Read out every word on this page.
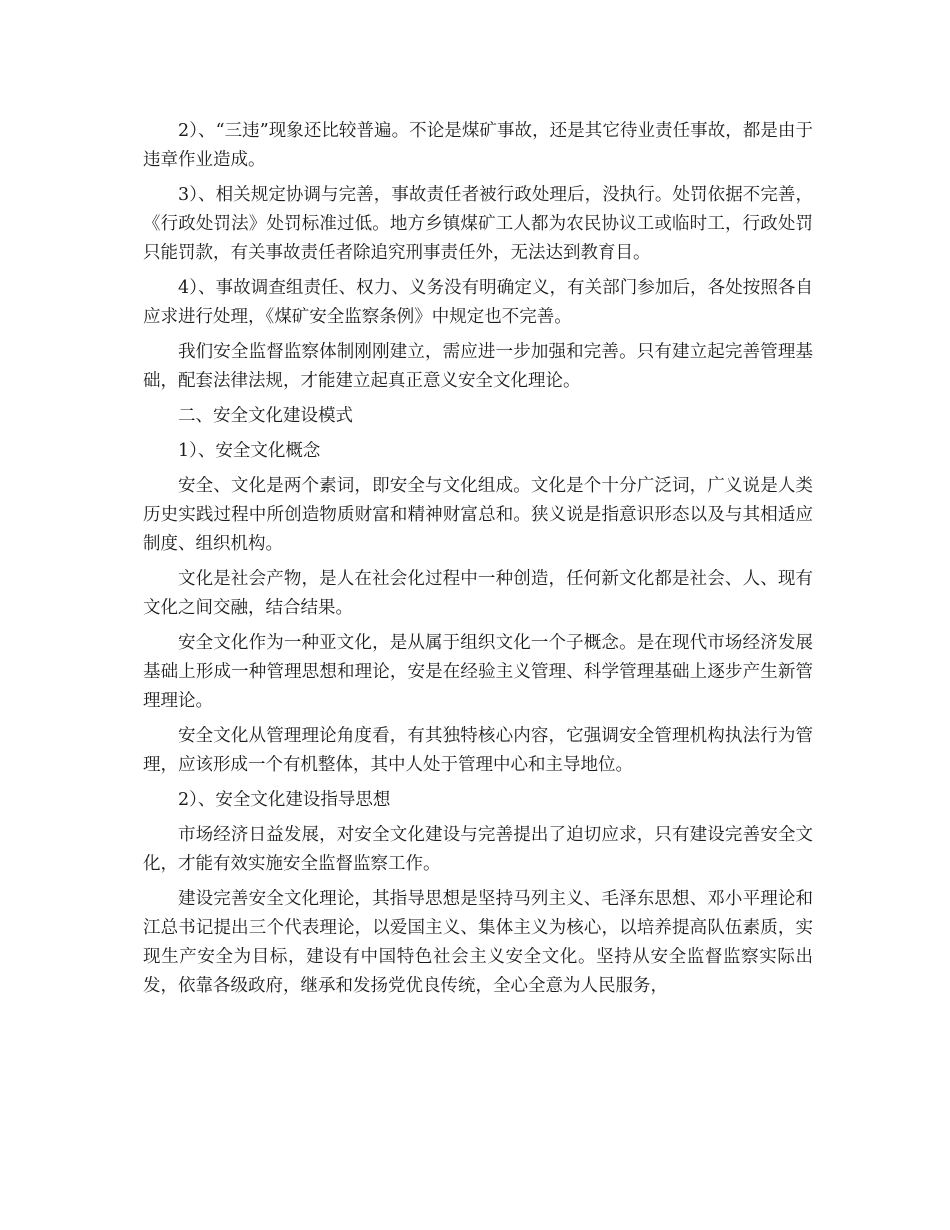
2）、“三违”现象还比较普遍。不论是煤矿事故，还是其它待业责任事故，都是由于违章作业造成。

3）、相关规定协调与完善，事故责任者被行政处理后，没执行。处罚依据不完善，《行政处罚法》处罚标准过低。地方乡镇煤矿工人都为农民协议工或临时工，行政处罚只能罚款，有关事故责任者除追究刑事责任外，无法达到教育目。

4）、事故调查组责任、权力、义务没有明确定义，有关部门参加后，各处按照各自应求进行处理，《煤矿安全监察条例》中规定也不完善。

我们安全监督监察体制刚刚建立，需应进一步加强和完善。只有建立起完善管理基础，配套法律法规，才能建立起真正意义安全文化理论。

二、安全文化建设模式

1）、安全文化概念

安全、文化是两个素词，即安全与文化组成。文化是个十分广泛词，广义说是人类历史实践过程中所创造物质财富和精神财富总和。狭义说是指意识形态以及与其相适应制度、组织机构。

文化是社会产物，是人在社会化过程中一种创造，任何新文化都是社会、人、现有文化之间交融，结合结果。

安全文化作为一种亚文化，是从属于组织文化一个子概念。是在现代市场经济发展基础上形成一种管理思想和理论，安是在经验主义管理、科学管理基础上逐步产生新管理理论。

安全文化从管理理论角度看，有其独特核心内容，它强调安全管理机构执法行为管理，应该形成一个有机整体，其中人处于管理中心和主导地位。

2）、安全文化建设指导思想

市场经济日益发展，对安全文化建设与完善提出了迫切应求，只有建设完善安全文化，才能有效实施安全监督监察工作。

建设完善安全文化理论，其指导思想是坚持马列主义、毛泽东思想、邓小平理论和江总书记提出三个代表理论，以爱国主义、集体主义为核心，以培养提高队伍素质，实现生产安全为目标，建设有中国特色社会主义安全文化。坚持从安全监督监察实际出发，依靠各级政府，继承和发扬党优良传统，全心全意为人民服务，
